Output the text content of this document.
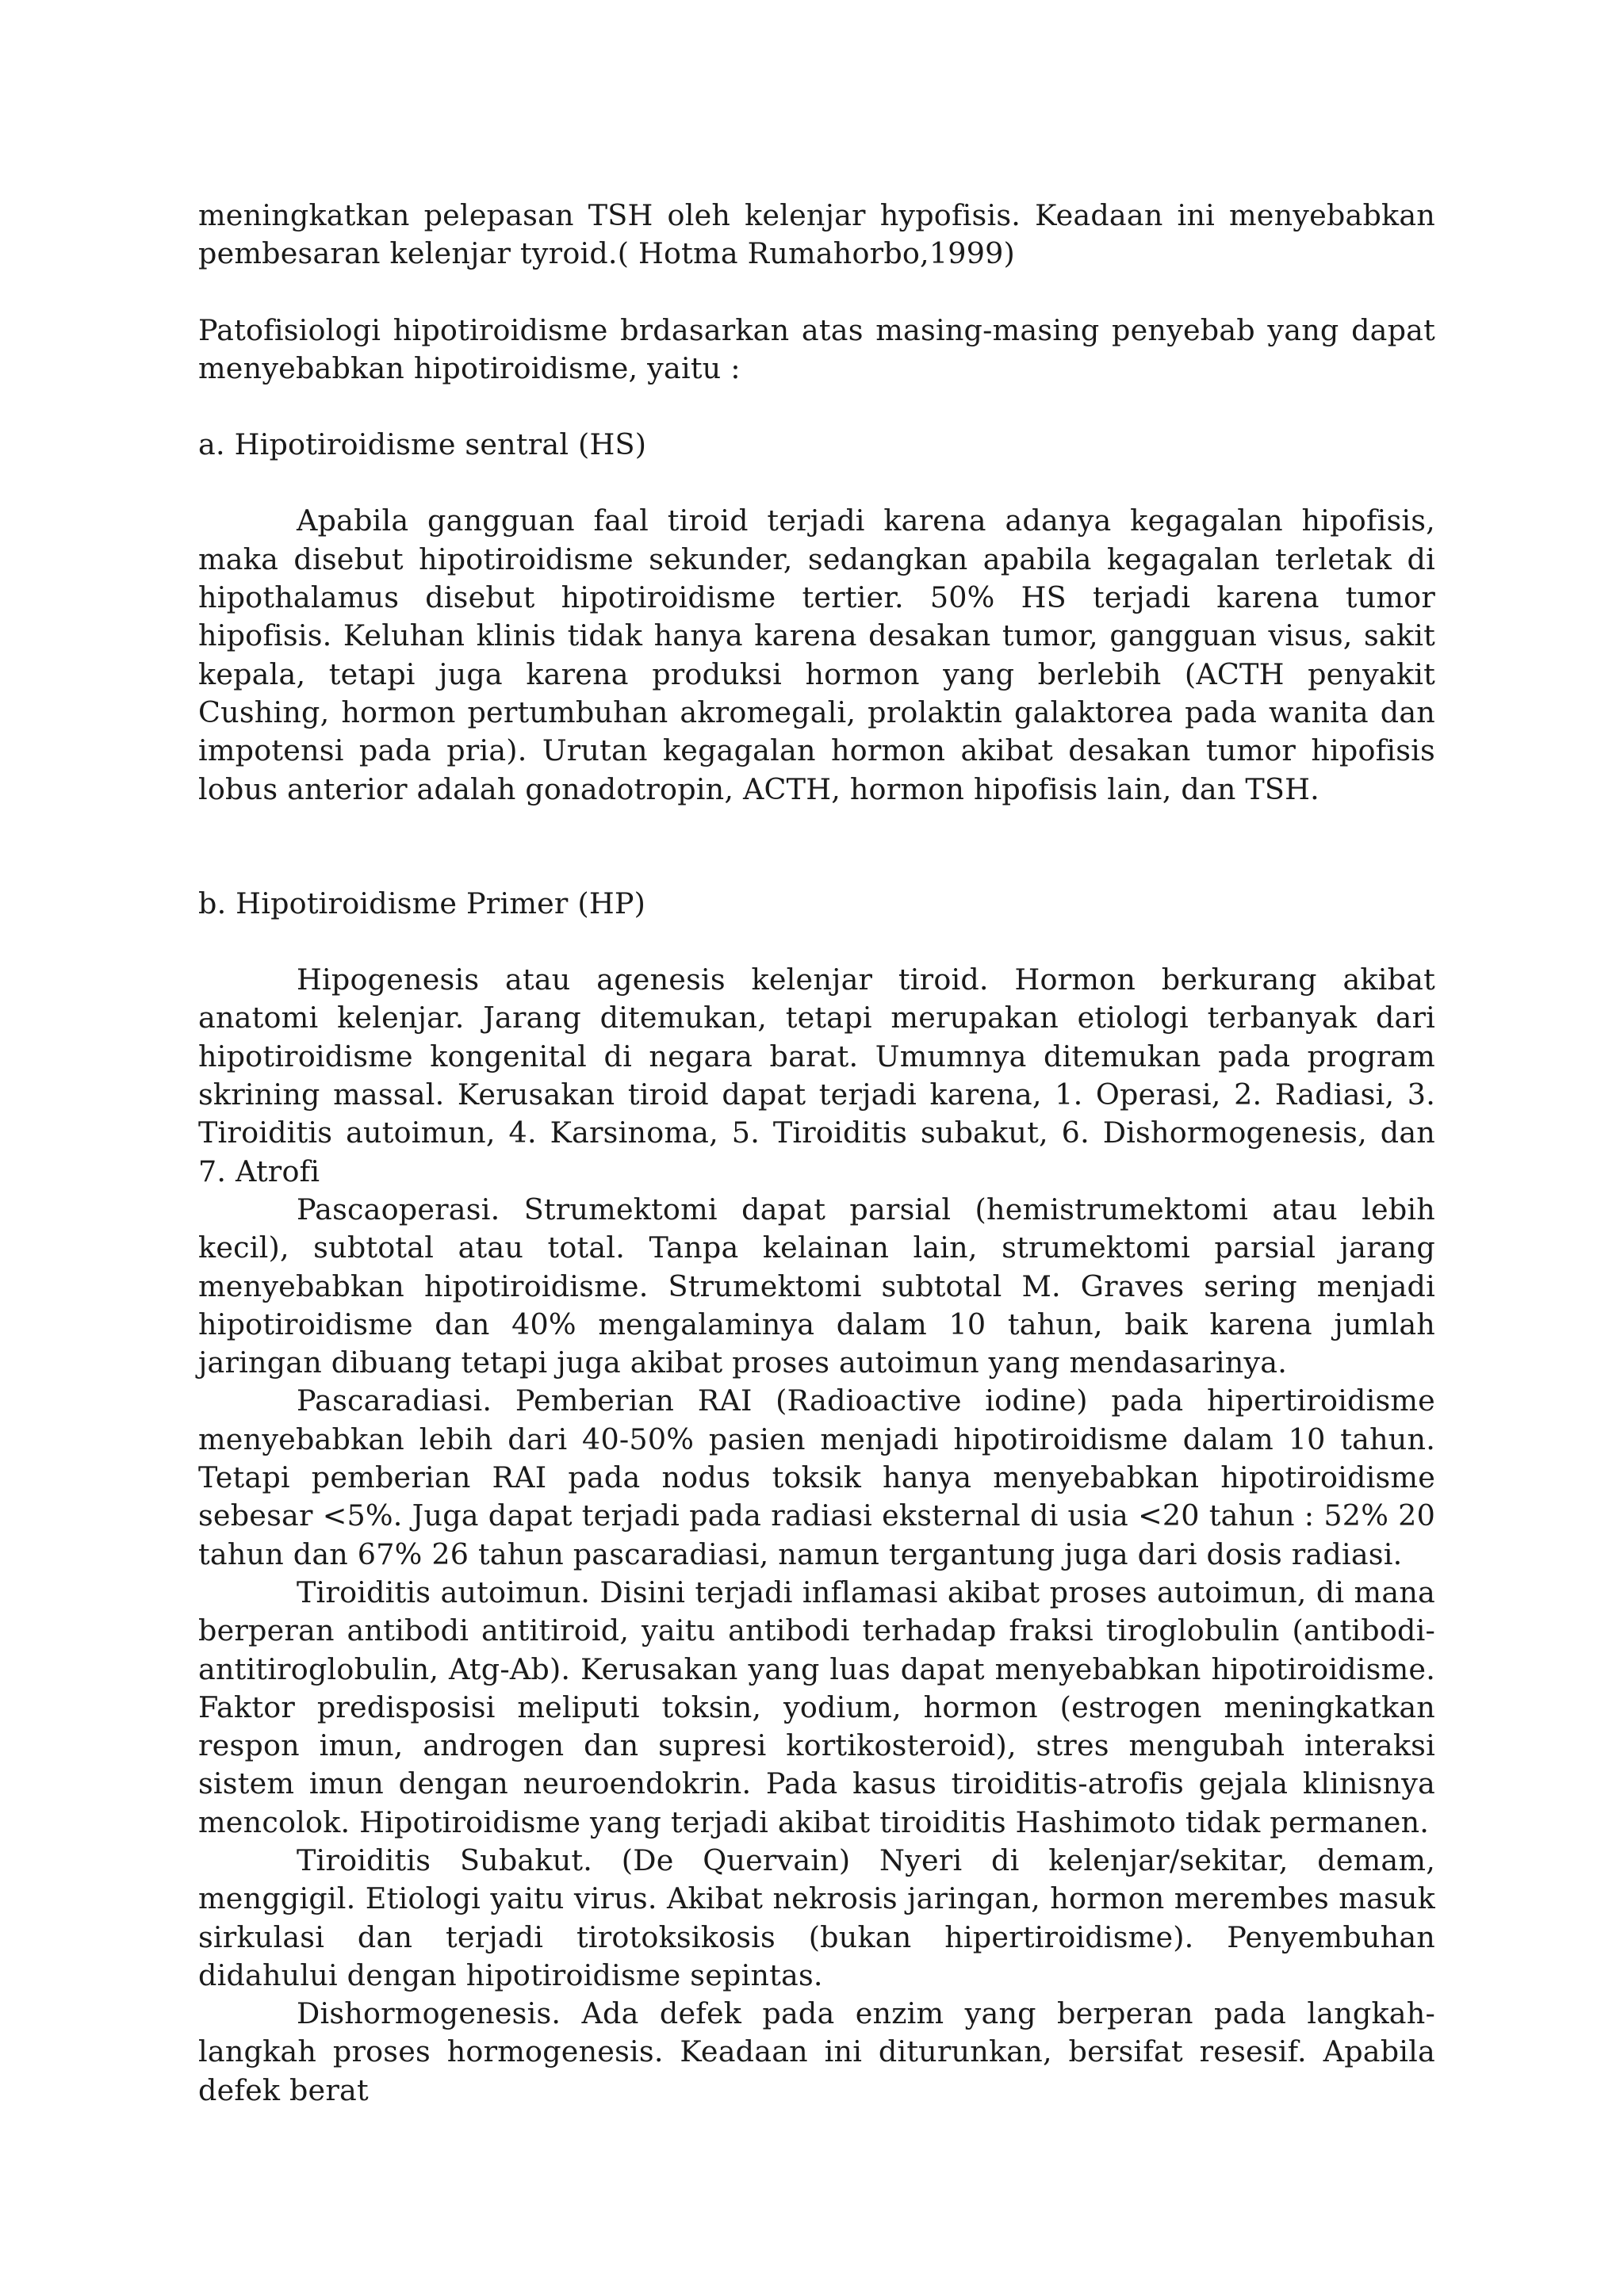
meningkatkan pelepasan TSH oleh kelenjar hypofisis. Keadaan ini menyebabkan pembesaran kelenjar tyroid.( Hotma Rumahorbo,1999)

Patofisiologi hipotiroidisme brdasarkan atas masing-masing penyebab yang dapat menyebabkan hipotiroidisme, yaitu :

a. Hipotiroidisme sentral (HS)

Apabila gangguan faal tiroid terjadi karena adanya kegagalan hipofisis, maka disebut hipotiroidisme sekunder, sedangkan apabila kegagalan terletak di hipothalamus disebut hipotiroidisme tertier. 50% HS terjadi karena tumor hipofisis. Keluhan klinis tidak hanya karena desakan tumor, gangguan visus, sakit kepala, tetapi juga karena produksi hormon yang berlebih (ACTH penyakit Cushing, hormon pertumbuhan akromegali, prolaktin galaktorea pada wanita dan impotensi pada pria). Urutan kegagalan hormon akibat desakan tumor hipofisis lobus anterior adalah gonadotropin, ACTH, hormon hipofisis lain, dan TSH.

b. Hipotiroidisme Primer (HP)

Hipogenesis atau agenesis kelenjar tiroid. Hormon berkurang akibat anatomi kelenjar. Jarang ditemukan, tetapi merupakan etiologi terbanyak dari hipotiroidisme kongenital di negara barat. Umumnya ditemukan pada program skrining massal. Kerusakan tiroid dapat terjadi karena, 1. Operasi, 2. Radiasi, 3. Tiroiditis autoimun, 4. Karsinoma, 5. Tiroiditis subakut, 6. Dishormogenesis, dan 7. Atrofi

Pascaoperasi. Strumektomi dapat parsial (hemistrumektomi atau lebih kecil), subtotal atau total. Tanpa kelainan lain, strumektomi parsial jarang menyebabkan hipotiroidisme. Strumektomi subtotal M. Graves sering menjadi hipotiroidisme dan 40% mengalaminya dalam 10 tahun, baik karena jumlah jaringan dibuang tetapi juga akibat proses autoimun yang mendasarinya.

Pascaradiasi. Pemberian RAI (Radioactive iodine) pada hipertiroidisme menyebabkan lebih dari 40-50% pasien menjadi hipotiroidisme dalam 10 tahun. Tetapi pemberian RAI pada nodus toksik hanya menyebabkan hipotiroidisme sebesar <5%. Juga dapat terjadi pada radiasi eksternal di usia <20 tahun : 52% 20 tahun dan 67% 26 tahun pascaradiasi, namun tergantung juga dari dosis radiasi.

Tiroiditis autoimun. Disini terjadi inflamasi akibat proses autoimun, di mana berperan antibodi antitiroid, yaitu antibodi terhadap fraksi tiroglobulin (antibodi-antitiroglobulin, Atg-Ab). Kerusakan yang luas dapat menyebabkan hipotiroidisme. Faktor predisposisi meliputi toksin, yodium, hormon (estrogen meningkatkan respon imun, androgen dan supresi kortikosteroid), stres mengubah interaksi sistem imun dengan neuroendokrin. Pada kasus tiroiditis-atrofis gejala klinisnya mencolok. Hipotiroidisme yang terjadi akibat tiroiditis Hashimoto tidak permanen.

Tiroiditis Subakut. (De Quervain) Nyeri di kelenjar/sekitar, demam, menggigil. Etiologi yaitu virus. Akibat nekrosis jaringan, hormon merembes masuk sirkulasi dan terjadi tirotoksikosis (bukan hipertiroidisme). Penyembuhan didahului dengan hipotiroidisme sepintas.

Dishormogenesis. Ada defek pada enzim yang berperan pada langkah-langkah proses hormogenesis. Keadaan ini diturunkan, bersifat resesif. Apabila defek berat
